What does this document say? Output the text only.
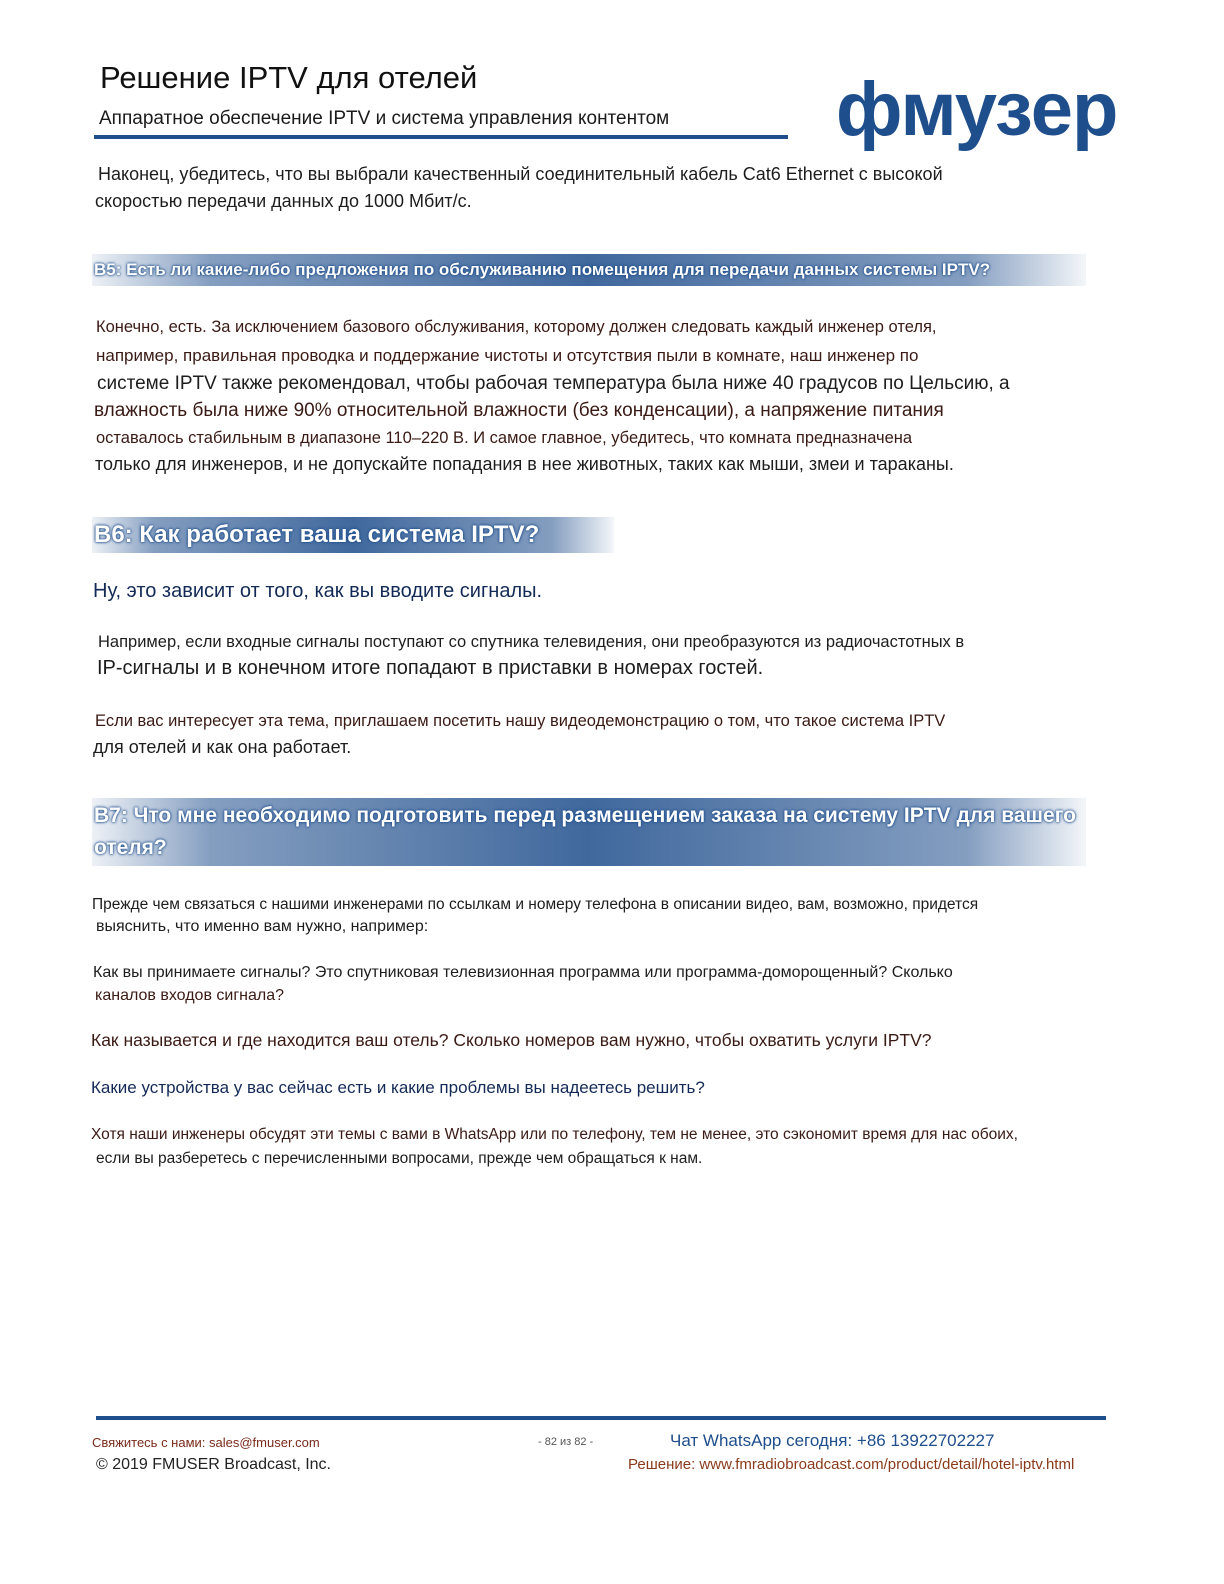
Решение IPTV для отелей
Аппаратное обеспечение IPTV и система управления контентом фмузер
Наконец, убедитесь, что вы выбрали качественный соединительный кабель Cat6 Ethernet с высокой
скоростью передачи данных до 1000 Мбит/с.
В5: Есть ли какие-либо предложения по обслуживанию помещения для передачи данных системы IPTV?
Конечно, есть. За исключением базового обслуживания, которому должен следовать каждый инженер отеля,
например, правильная проводка и поддержание чистоты и отсутствия пыли в комнате, наш инженер по
системе IPTV также рекомендовал, чтобы рабочая температура была ниже 40 градусов по Цельсию, а
влажность была ниже 90% относительной влажности (без конденсации), а напряжение питания
оставалось стабильным в диапазоне 110–220 В. И самое главное, убедитесь, что комната предназначена
только для инженеров, и не допускайте попадания в нее животных, таких как мыши, змеи и тараканы.
В6: Как работает ваша система IPTV?
Ну, это зависит от того, как вы вводите сигналы.
Например, если входные сигналы поступают со спутника телевидения, они преобразуются из радиочастотных в
IP-сигналы и в конечном итоге попадают в приставки в номерах гостей.
Если вас интересует эта тема, приглашаем посетить нашу видеодемонстрацию о том, что такое система IPTV
для отелей и как она работает.
В7: Что мне необходимо подготовить перед размещением заказа на систему IPTV для вашего
отеля?
Прежде чем связаться с нашими инженерами по ссылкам и номеру телефона в описании видео, вам, возможно, придется
выяснить, что именно вам нужно, например:
Как вы принимаете сигналы? Это спутниковая телевизионная программа или программа-доморощенный? Сколько
каналов входов сигнала?
Как называется и где находится ваш отель? Сколько номеров вам нужно, чтобы охватить услуги IPTV?
Какие устройства у вас сейчас есть и какие проблемы вы надеетесь решить?
Хотя наши инженеры обсудят эти темы с вами в WhatsApp или по телефону, тем не менее, это сэкономит время для нас обоих,
если вы разберетесь с перечисленными вопросами, прежде чем обращаться к нам.
Свяжитесь с нами: sales@fmuser.com	- 82 из 82 -	Чат WhatsApp сегодня: +86 13922702227
© 2019 FMUSER Broadcast, Inc.	Решение: www.fmradiobroadcast.com/product/detail/hotel-iptv.html
